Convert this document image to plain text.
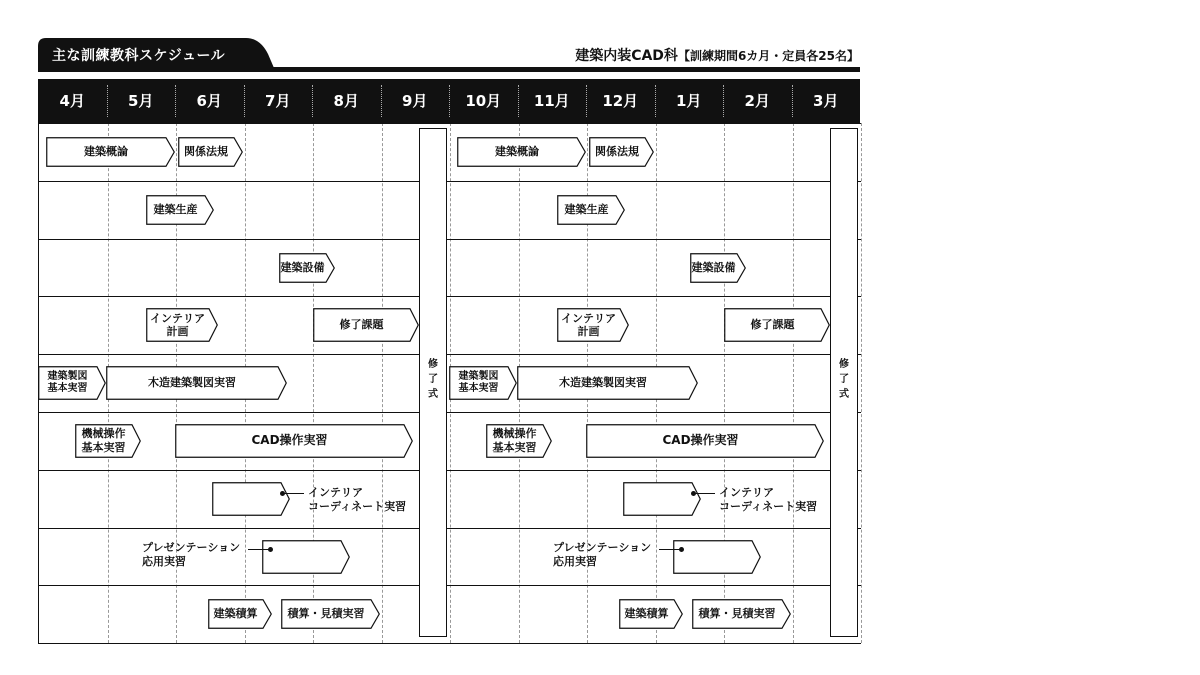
主な訓練教科スケジュール	建築内装CAD科【訓練期間6カ月・定員各25名】
4月	5月	6月	7月	8月	9月	10月	11月	12月	1月	2月	3月
建築概論	関係法規
建築生産
建築設備
インテリア
計画
修了課題
建築製図
基本実習	木造建築製図実習
機械操作
基本実習	CAD操作実習
インテリア
コーディネート実習
プレゼンテーション
応用実習
建築積算	積算・見積実習
建築概論	関係法規
建築生産
建築設備
インテリア
計画
修了課題
建築製図
基本実習	木造建築製図実習
機械操作
基本実習	CAD操作実習
インテリア
コーディネート実習
プレゼンテーション
応用実習
建築積算	積算・見積実習
修
了
式
修
了
式
